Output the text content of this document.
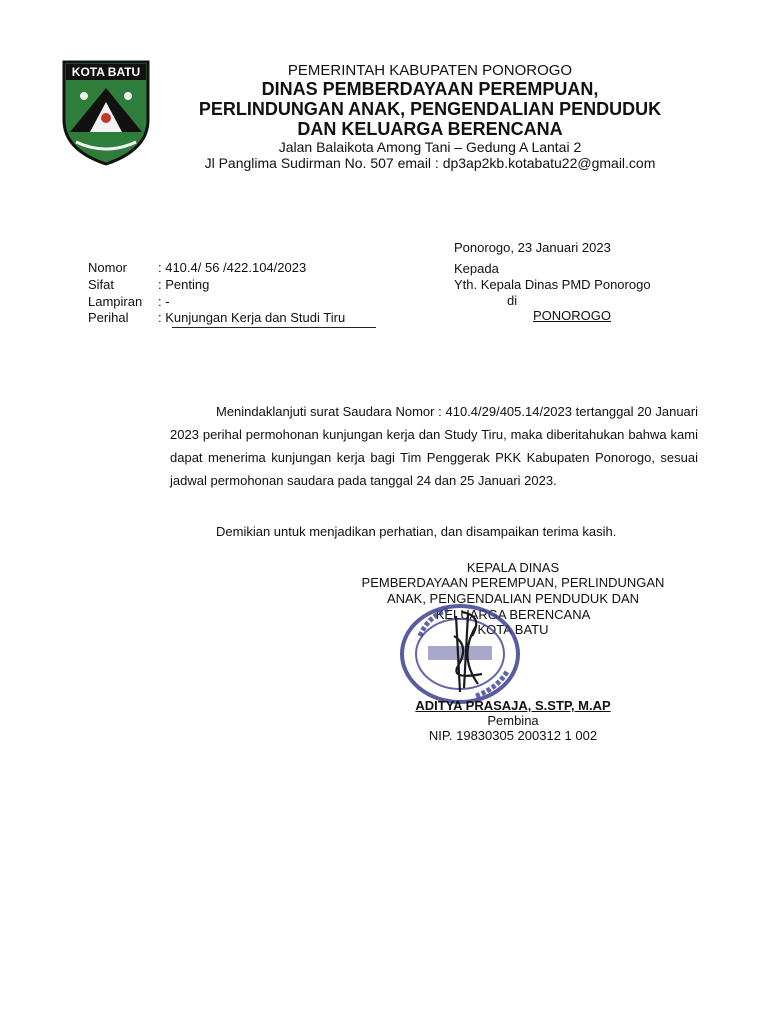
KOTA BATU	PEMERINTAH KABUPATEN PONOROGO
DINAS PEMBERDAYAAN PEREMPUAN,
PERLINDUNGAN ANAK, PENGENDALIAN PENDUDUK
DAN KELUARGA BERENCANA
Jalan Balaikota Among Tani – Gedung A Lantai 2
Jl Panglima Sudirman No. 507 email : dp3ap2kb.kotabatu22@gmail.com
Ponorogo, 23 Januari 2023
Nomor : 410.4/ 56 /422.104/2023
Sifat	: Penting
Lampiran : -
Perihal : Kunjungan Kerja dan Studi Tiru
Kepada
Yth. Kepala Dinas PMD Ponorogo
di
PONOROGO

Menindaklanjuti surat Saudara Nomor : 410.4/29/405.14/2023 tertanggal 20 Januari 2023 perihal permohonan kunjungan kerja dan Study Tiru, maka diberitahukan bahwa kami dapat menerima kunjungan kerja bagi Tim Penggerak PKK Kabupaten Ponorogo, sesuai jadwal permohonan saudara pada tanggal 24 dan 25 Januari 2023.

Demikian untuk menjadikan perhatian, dan disampaikan terima kasih.
KEPALA DINAS
PEMBERDAYAAN PEREMPUAN, PERLINDUNGAN
ANAK, PENGENDALIAN PENDUDUK DAN
KELUARGA BERENCANA
KOTA BATU
ADITYA PRASAJA, S.STP, M.AP
Pembina
NIP. 19830305 200312 1 002
